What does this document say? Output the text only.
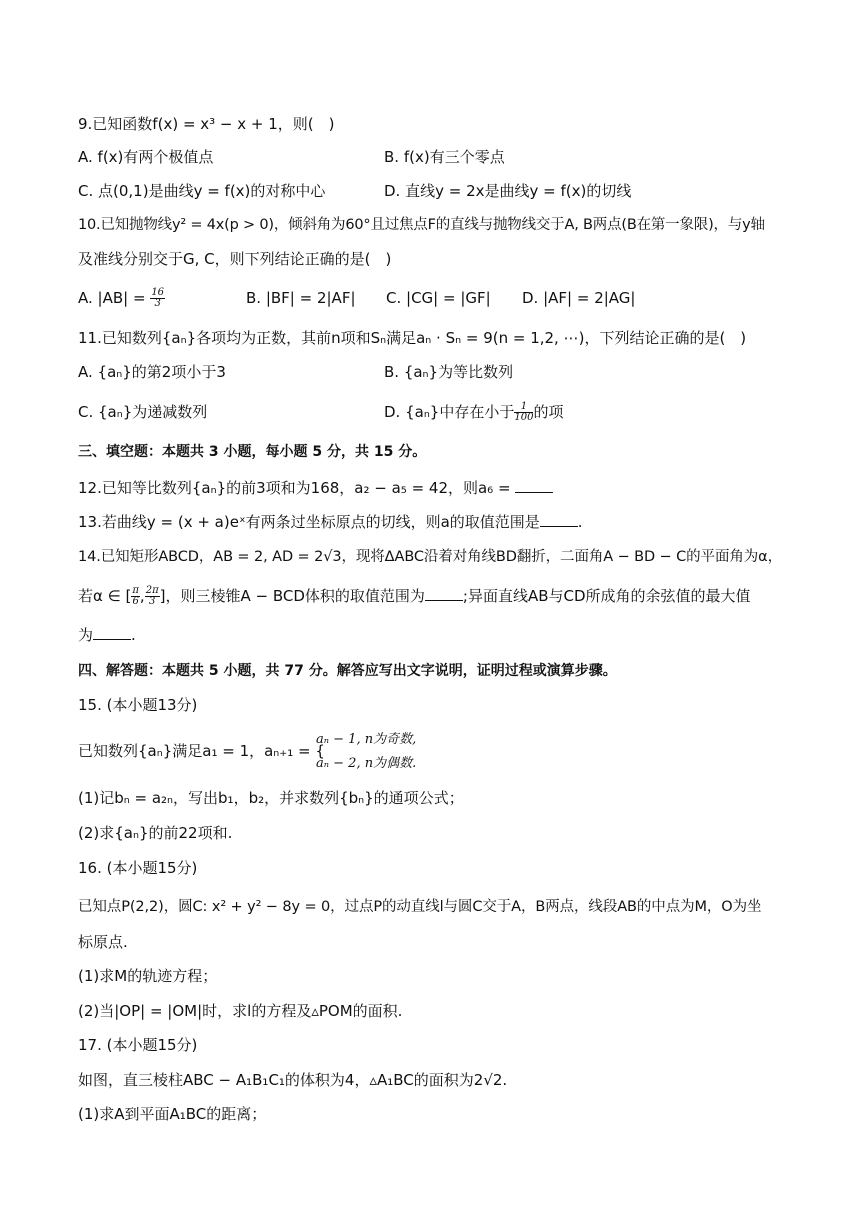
9.已知函数f(x) = x³ − x + 1，则(　)
A. f(x)有两个极值点	B. f(x)有三个零点
C. 点(0,1)是曲线y = f(x)的对称中心	D. 直线y = 2x是曲线y = f(x)的切线
10.已知抛物线y² = 4x(p > 0)，倾斜角为60°且过焦点F的直线与抛物线交于A, B两点(B在第一象限)，与y轴
及准线分别交于G, C，则下列结论正确的是(　)
A. $|AB| = \frac{16}{3}$	B. |BF| = 2|AF| C. |CG| = |GF| D. |AF| = 2|AG|
11.已知数列{aₙ}各项均为正数，其前n项和Sₙ满足aₙ · Sₙ = 9(n = 1,2, ⋯)，下列结论正确的是(　)
A. {aₙ}的第2项小于3	B. {aₙ}为等比数列
C. {aₙ}为递减数列	D. {aₙ}中存在小于 $\frac{1}{100}$ 的项
三、填空题：本题共 3 小题，每小题 5 分，共 15 分。
12.已知等比数列{aₙ}的前3项和为168，a₂ − a₅ = 42，则a₆ =
13.若曲线y = (x + a)eˣ有两条过坐标原点的切线，则a的取值范围是	.
14.已知矩形ABCD，AB = 2, AD = 2√3，现将ΔABC沿着对角线BD翻折，二面角A − BD − C的平面角为α，
若α ∈ [ $\frac{\pi}{6}$ , $\frac{2\pi}{3}$ ]，则三棱锥A − BCD体积的取值范围为	;异面直线AB与CD所成角的余弦值的最大值
为	.
四、解答题：本题共 5 小题，共 77 分。解答应写出文字说明，证明过程或演算步骤。
15. (本小题13分)
已知数列{aₙ}满足a₁ = 1，aₙ₊₁ = {
aₙ − 1, n为奇数,
aₙ − 2, n为偶数.
(1)记bₙ = a₂ₙ，写出b₁，b₂，并求数列{bₙ}的通项公式；
(2)求{aₙ}的前22项和.
16. (本小题15分)
已知点P(2,2)，圆C: x² + y² − 8y = 0，过点P的动直线l与圆C交于A，B两点，线段AB的中点为M，O为坐
标原点.
(1)求M的轨迹方程；
(2)当|OP| = |OM|时，求l的方程及▵POM的面积.
17. (本小题15分)
如图，直三棱柱ABC − A₁B₁C₁的体积为4，▵A₁BC的面积为2√2.
(1)求A到平面A₁BC的距离；
